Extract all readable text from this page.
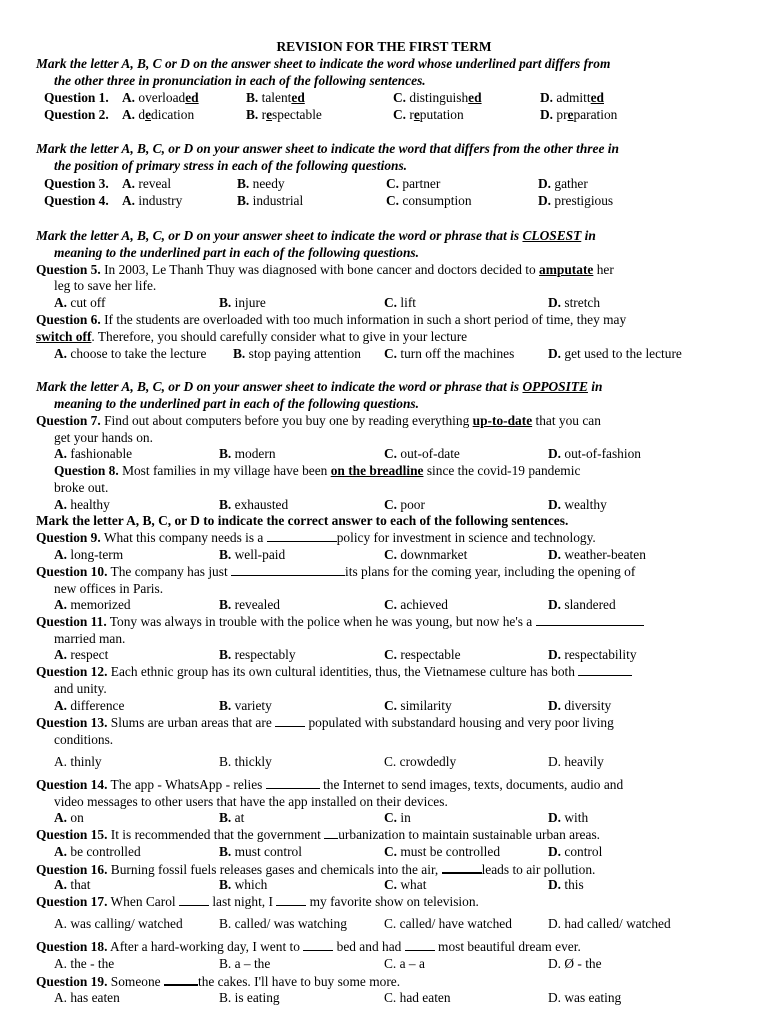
REVISION FOR THE FIRST TERM
Mark the letter A, B, C or D on the answer sheet to indicate the word whose underlined part differs from
the other three in pronunciation in each of the following sentences.
Question 1. A. overloaded	B. talented	C. distinguished	D. admitted
Question 2. A. dedication	B. respectable	C. reputation	D. preparation
Mark the letter A, B, C, or D on your answer sheet to indicate the word that differs from the other three in
the position of primary stress in each of the following questions.
Question 3. A. reveal	B. needy	C. partner	D. gather
Question 4. A. industry	B. industrial	C. consumption	D. prestigious
Mark the letter A, B, C, or D on your answer sheet to indicate the word or phrase that is CLOSEST in
meaning to the underlined part in each of the following questions.
Question 5. In 2003, Le Thanh Thuy was diagnosed with bone cancer and doctors decided to amputate her
leg to save her life.
A. cut off	B. injure	C. lift	D. stretch
Question 6. If the students are overloaded with too much information in such a short period of time, they may
switch off. Therefore, you should carefully consider what to give in your lecture
A. choose to take the lecture B. stop paying attention C. turn off the machines	D. get used to the lecture
Mark the letter A, B, C, or D on your answer sheet to indicate the word or phrase that is OPPOSITE in
meaning to the underlined part in each of the following questions.
Question 7. Find out about computers before you buy one by reading everything up-to-date that you can
get your hands on.
A. fashionable	B. modern	C. out-of-date	D. out-of-fashion
Question 8. Most families in my village have been on the breadline since the covid-19 pandemic
broke out.
A. healthy	B. exhausted	C. poor	D. wealthy
Mark the letter A, B, C, or D to indicate the correct answer to each of the following sentences.
Question 9. What this company needs is a	policy for investment in science and technology.
A. long-term	B. well-paid	C. downmarket	D. weather-beaten
Question 10. The company has just	its plans for the coming year, including the opening of
new offices in Paris.
A. memorized	B. revealed	C. achieved	D. slandered
Question 11. Tony was always in trouble with the police when he was young, but now he's a
married man.
A. respect	B. respectably	C. respectable	D. respectability
Question 12. Each ethnic group has its own cultural identities, thus, the Vietnamese culture has both
and unity.
A. difference	B. variety	C. similarity	D. diversity
Question 13. Slums are urban areas that are  populated with substandard housing and very poor living
conditions.
A. thinly	B. thickly	C. crowdedly	D. heavily
Question 14. The app - WhatsApp - relies	the Internet to send images, texts, documents, audio and
video messages to other users that have the app installed on their devices.
A. on	B. at	C. in	D. with
Question 15. It is recommended that the government urbanization to maintain sustainable urban areas.
A. be controlled	B. must control	C. must be controlled	D. control
Question 16. Burning fossil fuels releases gases and chemicals into the air,	leads to air pollution.
A. that	B. which	C. what	D. this
Question 17. When Carol  last night, I  my favorite show on television.
A. was calling/ watched	B. called/ was watching	C. called/ have watched	D. had called/ watched
Question 18. After a hard-working day, I went to  bed and had  most beautiful dream ever.
A. the - the	B. a – the	C. a – a	D. Ø - the
Question 19. Someone	the cakes. I'll have to buy some more.
A. has eaten	B. is eating	C. had eaten	D. was eating
